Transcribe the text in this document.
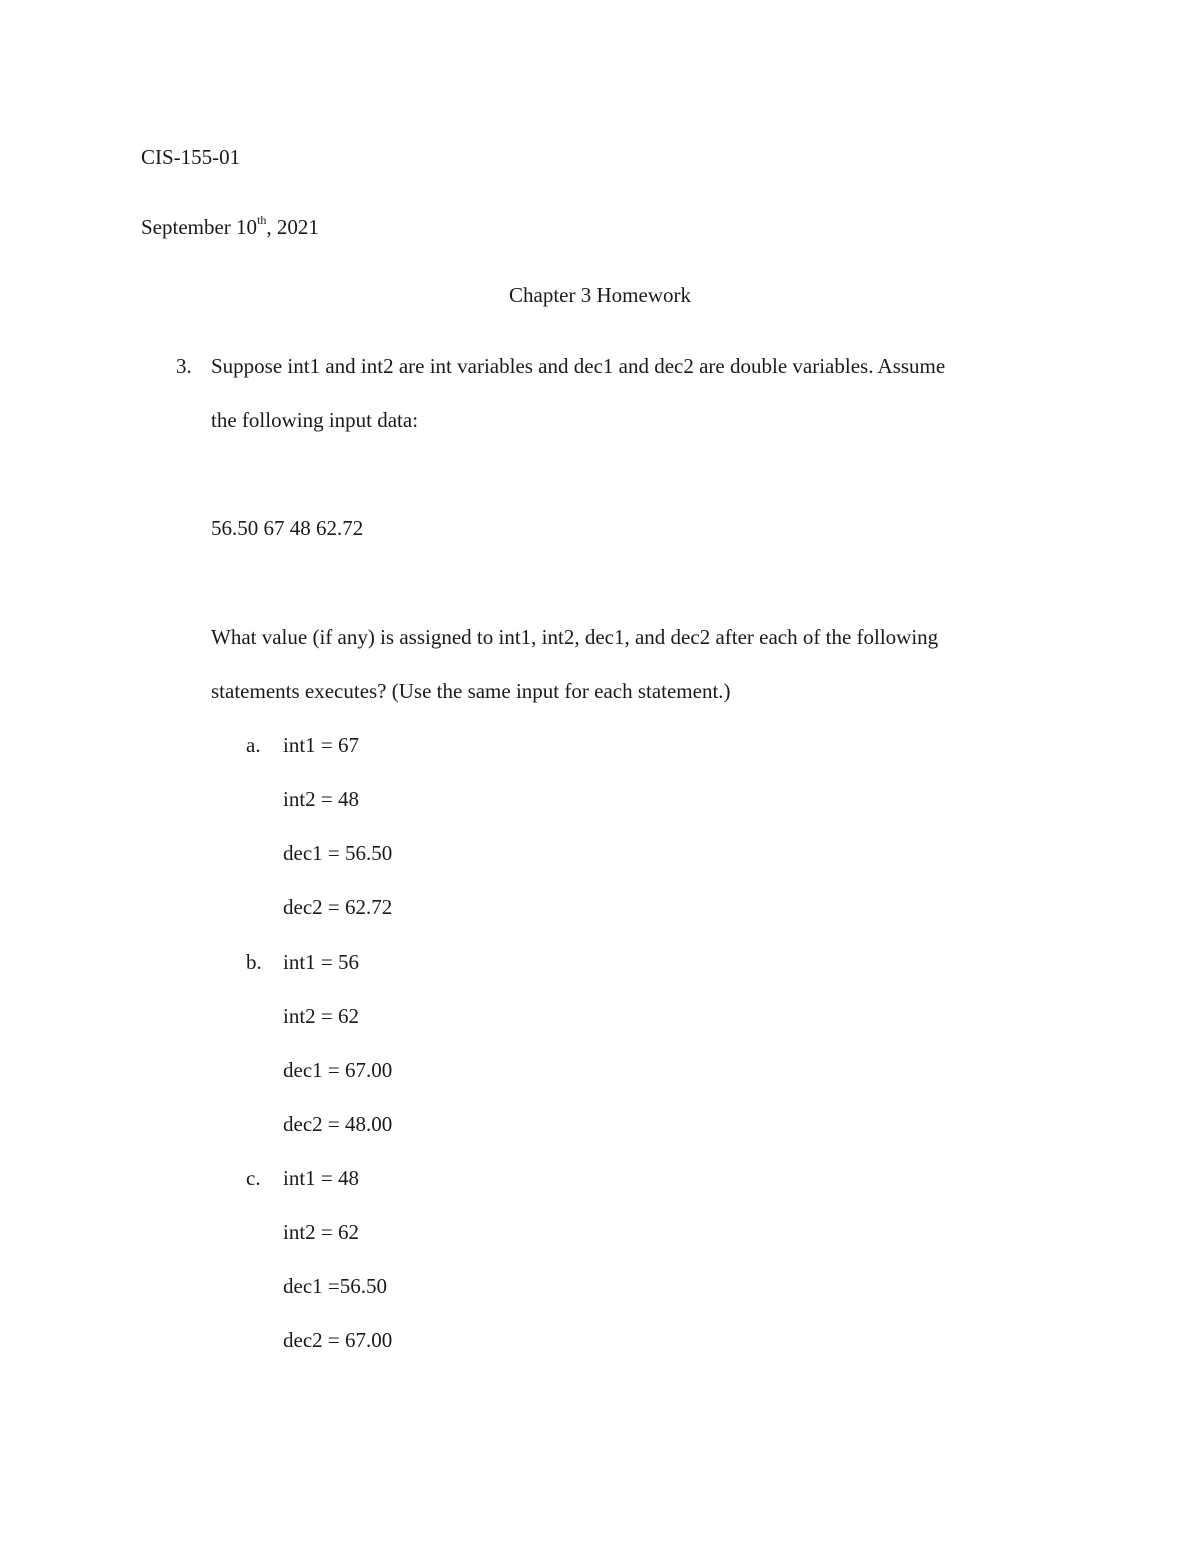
CIS-155-01
September 10th, 2021
Chapter 3 Homework
3. Suppose int1 and int2 are int variables and dec1 and dec2 are double variables. Assume
the following input data:
56.50 67 48 62.72
What value (if any) is assigned to int1, int2, dec1, and dec2 after each of the following
statements executes? (Use the same input for each statement.)
a. int1 = 67
int2 = 48
dec1 = 56.50
dec2 = 62.72
b. int1 = 56
int2 = 62
dec1 = 67.00
dec2 = 48.00
c. int1 = 48
int2 = 62
dec1 =56.50
dec2 = 67.00
